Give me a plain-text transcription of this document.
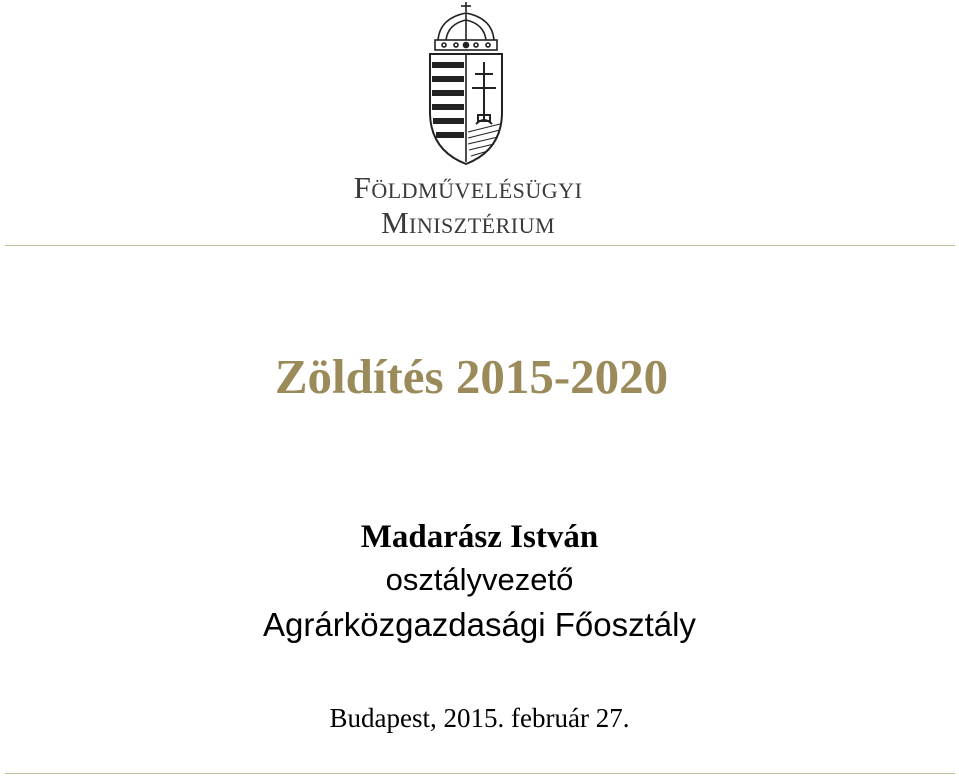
Földművelésügyi
Minisztérium
Zöldítés 2015-2020
Madarász István
osztályvezető
Agrárközgazdasági Főosztály
Budapest, 2015. február 27.
